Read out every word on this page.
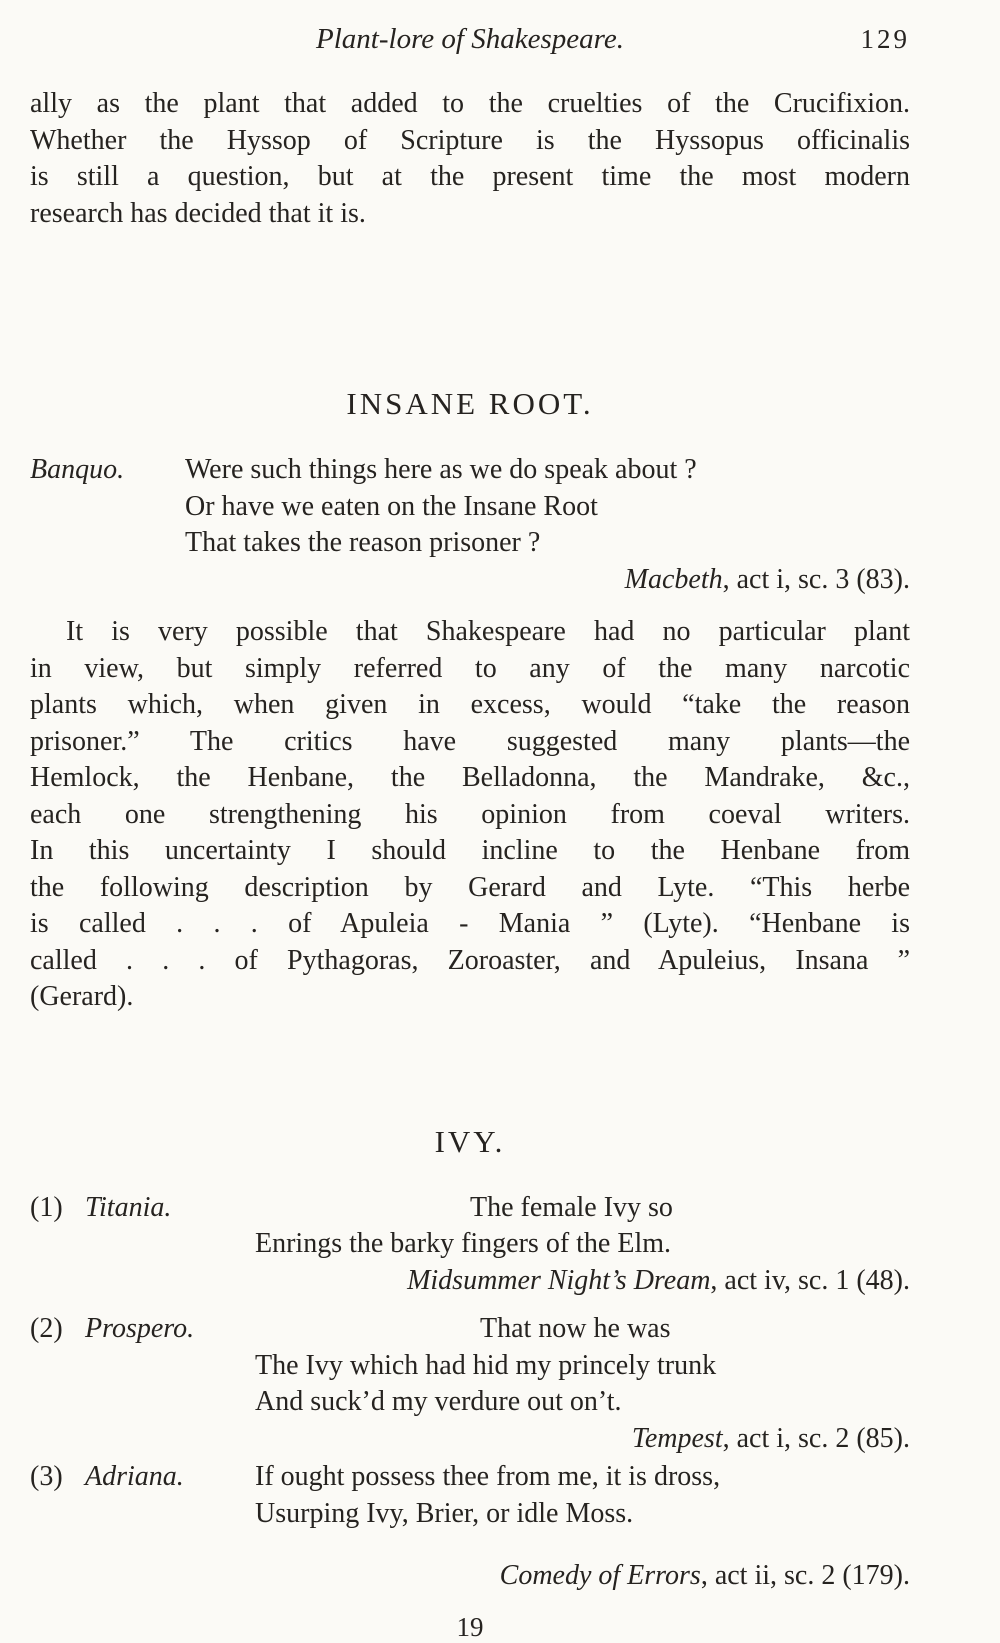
Plant-lore of Shakespeare.	129
ally as the plant that added to the cruelties of the Crucifixion.
Whether the Hyssop of Scripture is the Hyssopus officinalis
is still a question, but at the present time the most modern
research has decided that it is.
INSANE ROOT.
Banquo. Were such things here as we do speak about ?
Or have we eaten on the Insane Root
That takes the reason prisoner ?
Macbeth, act i, sc. 3 (83).
It is very possible that Shakespeare had no particular plant
in view, but simply referred to any of the many narcotic
plants which, when given in excess, would “take the reason
prisoner.” The critics have suggested many plants—the
Hemlock, the Henbane, the Belladonna, the Mandrake, &c.,
each one strengthening his opinion from coeval writers.
In this uncertainty I should incline to the Henbane from
the following description by Gerard and Lyte. “This herbe
is called . . . of Apuleia - Mania ” (Lyte). “Henbane is
called . . . of Pythagoras, Zoroaster, and Apuleius, Insana ”
(Gerard).
IVY.
(1) Titania.	The female Ivy so
Enrings the barky fingers of the Elm.
Midsummer Night’s Dream, act iv, sc. 1 (48).
(2) Prospero.	That now he was
The Ivy which had hid my princely trunk
And suck’d my verdure out on’t.
Tempest, act i, sc. 2 (85).
(3) Adriana.	If ought possess thee from me, it is dross,
Usurping Ivy, Brier, or idle Moss.
Comedy of Errors, act ii, sc. 2 (179).
19
